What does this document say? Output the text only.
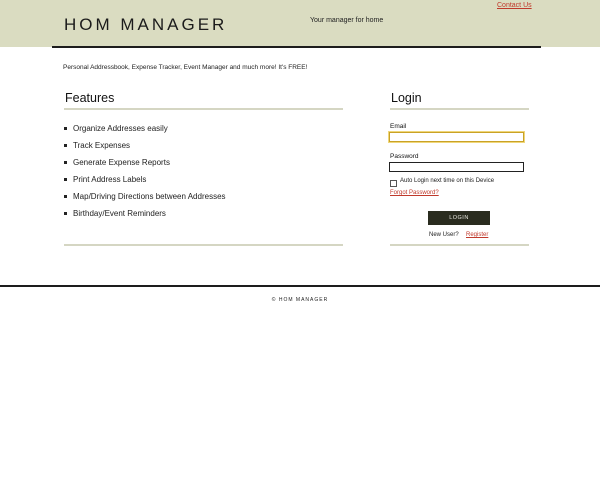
HOM MANAGER	Your manager for home
Contact Us
Personal Addressbook, Expense Tracker, Event Manager and much more! It's FREE!
Features
Organize Addresses easily
Track Expenses
Generate Expense Reports
Print Address Labels
Map/Driving Directions between Addresses
Birthday/Event Reminders
Login
Email
Password
Auto Login next time on this Device
Forgot Password?
LOGIN
New User? Register
© HOM MANAGER
